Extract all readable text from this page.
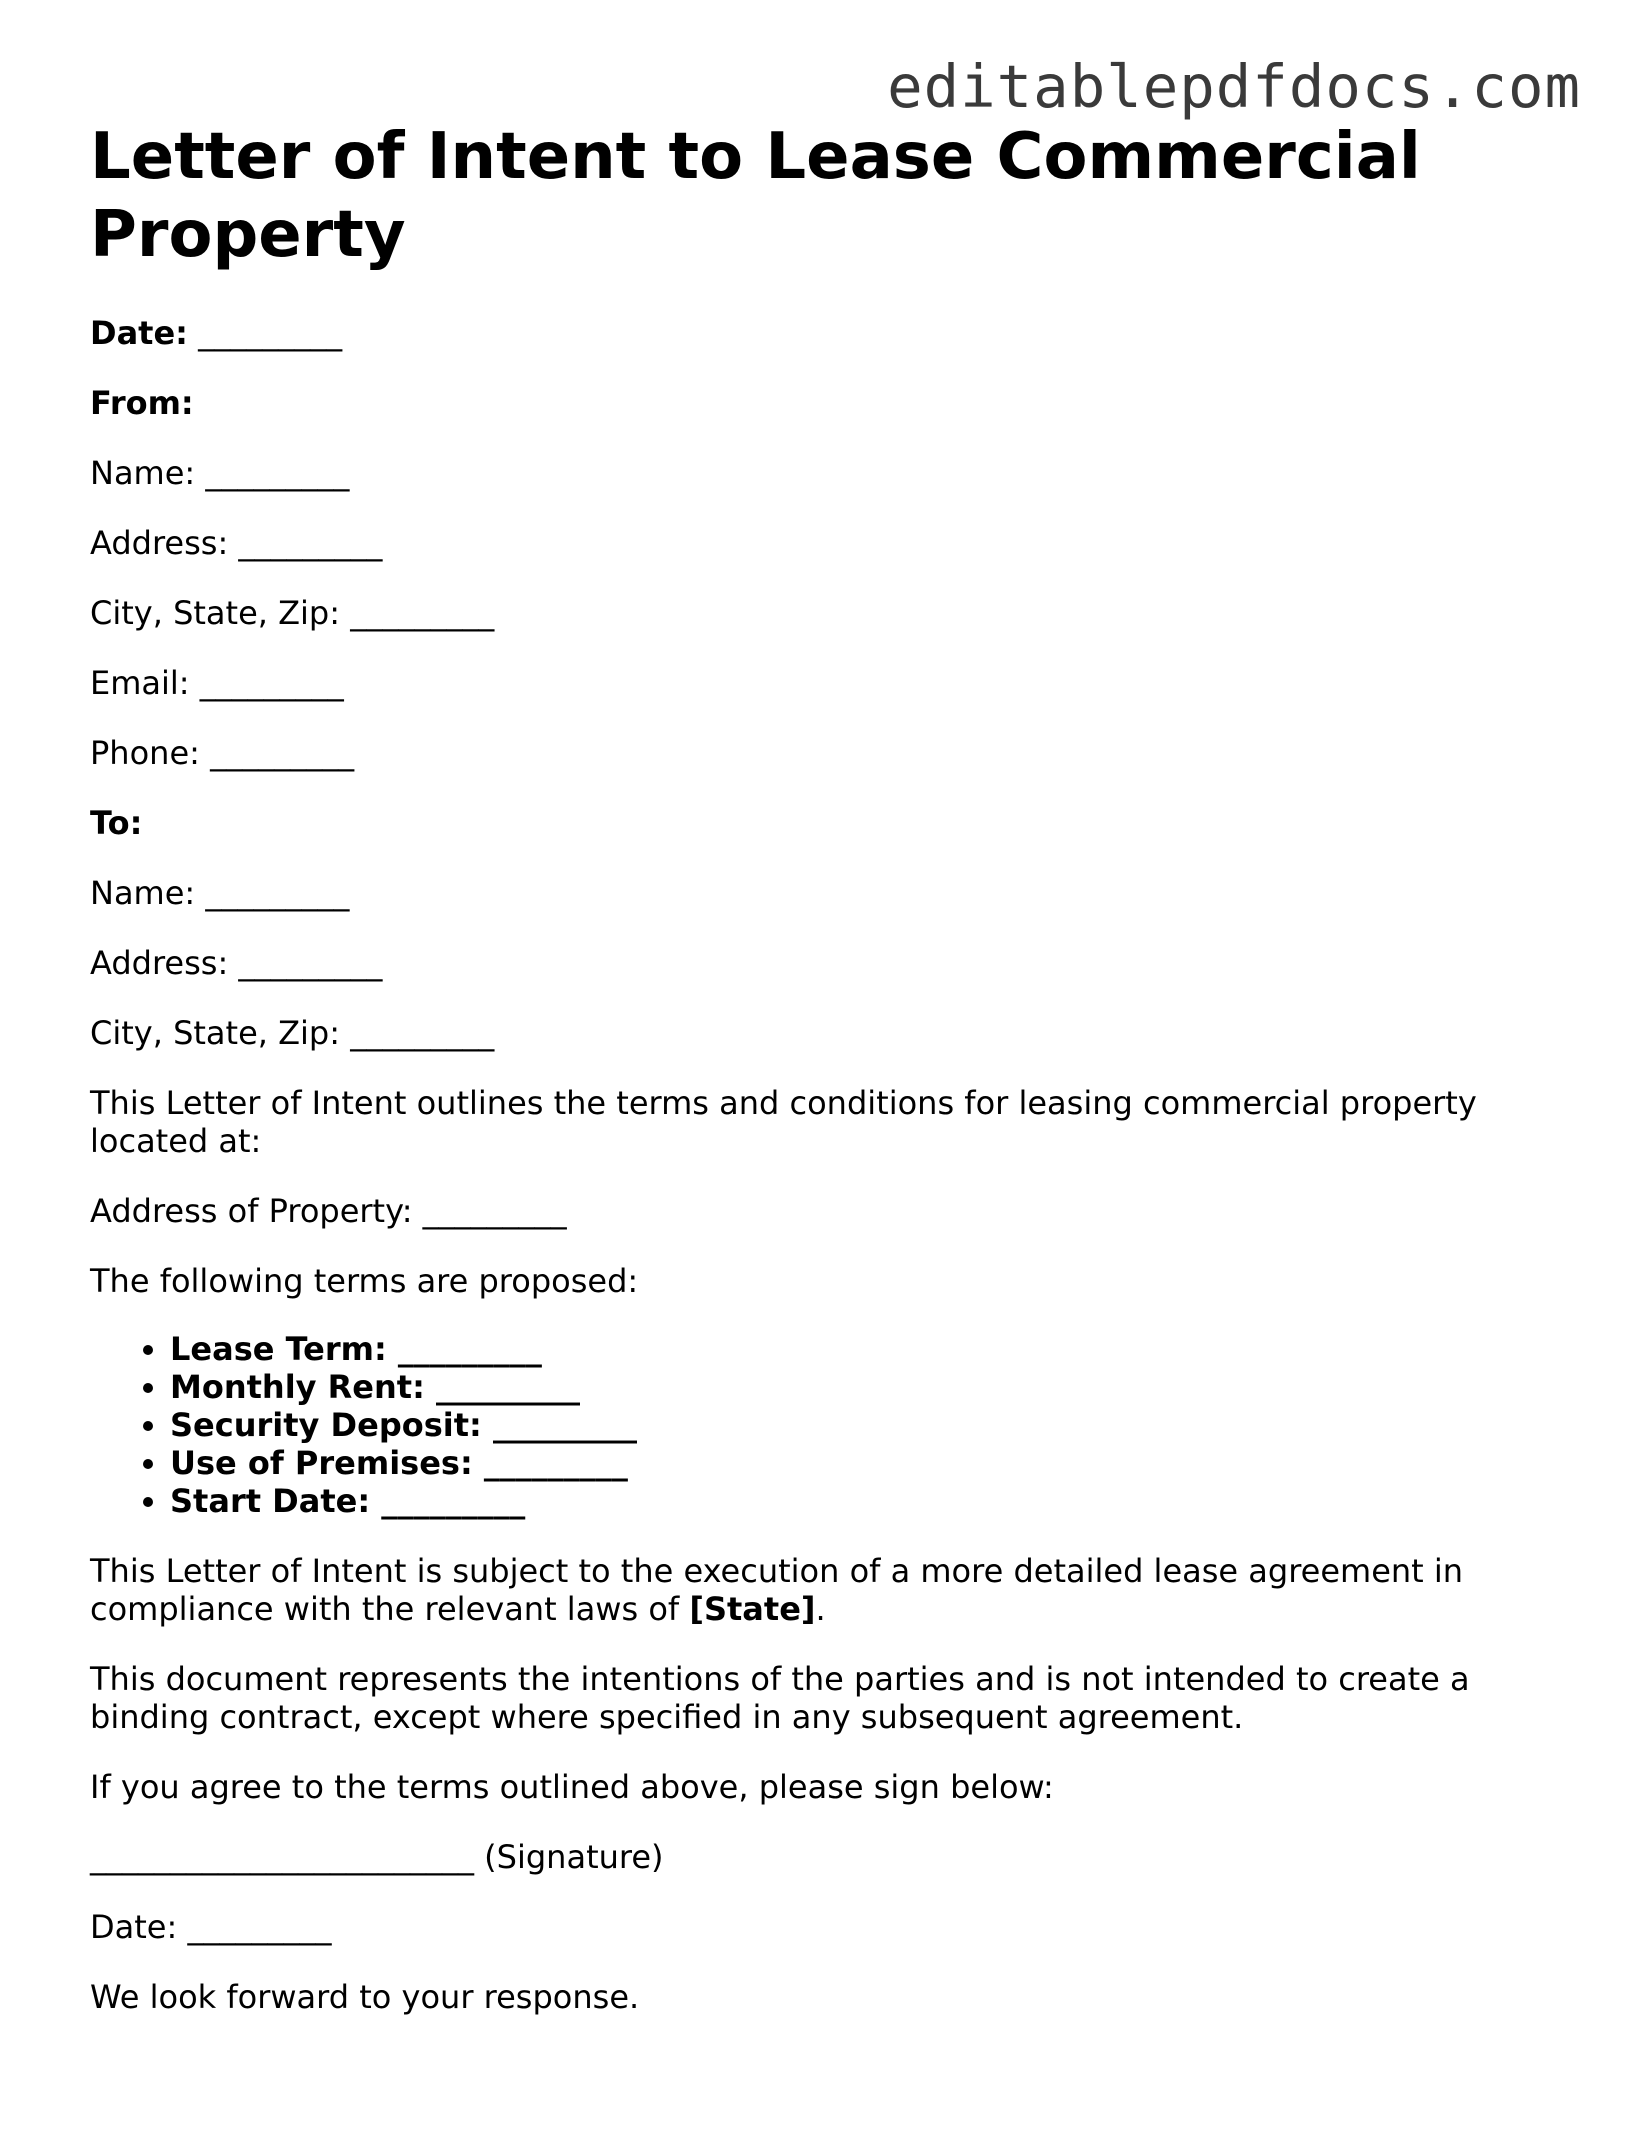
editablepdfdocs.com
Letter of Intent to Lease Commercial Property

Date: _________

From:

Name: _________

Address: _________

City, State, Zip: _________

Email: _________

Phone: _________

To:

Name: _________

Address: _________

City, State, Zip: _________

This Letter of Intent outlines the terms and conditions for leasing commercial property located at:

Address of Property: _________

The following terms are proposed:

• Lease Term: _________
• Monthly Rent: _________
• Security Deposit: _________
• Use of Premises: _________
• Start Date: _________

This Letter of Intent is subject to the execution of a more detailed lease agreement in compliance with the relevant laws of [State].

This document represents the intentions of the parties and is not intended to create a binding contract, except where specified in any subsequent agreement.

If you agree to the terms outlined above, please sign below:

________________________ (Signature)

Date: _________

We look forward to your response.
